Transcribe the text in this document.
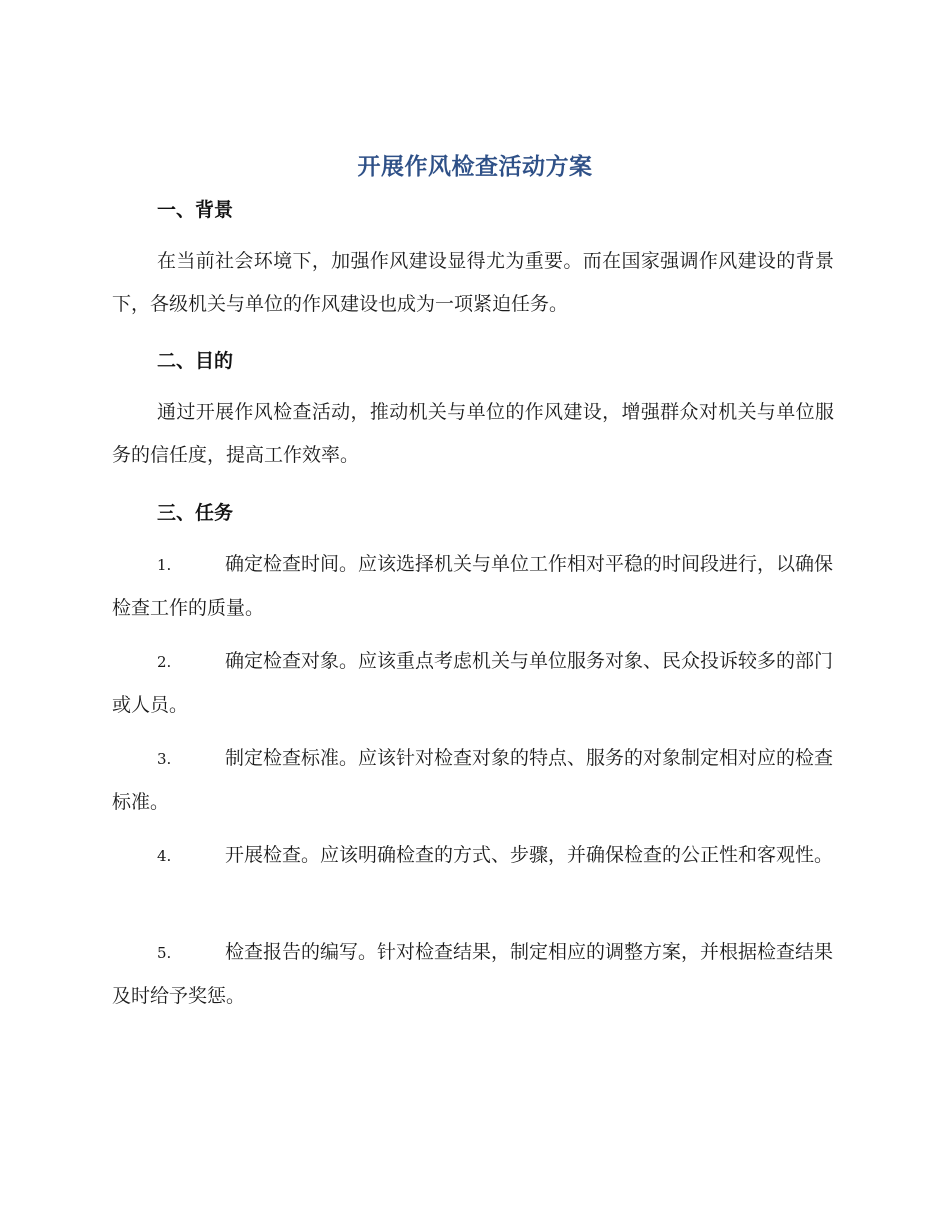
开展作风检查活动方案
一、背景
在当前社会环境下，加强作风建设显得尤为重要。而在国家强调作风建设的背景下，各级机关与单位的作风建设也成为一项紧迫任务。
二、目的
通过开展作风检查活动，推动机关与单位的作风建设，增强群众对机关与单位服务的信任度，提高工作效率。
三、任务
1.	确定检查时间。应该选择机关与单位工作相对平稳的时间段进行，以确保检查工作的质量。
2.	确定检查对象。应该重点考虑机关与单位服务对象、民众投诉较多的部门或人员。
3.	制定检查标准。应该针对检查对象的特点、服务的对象制定相对应的检查标准。
4.	开展检查。应该明确检查的方式、步骤，并确保检查的公正性和客观性。
5.	检查报告的编写。针对检查结果，制定相应的调整方案，并根据检查结果及时给予奖惩。
